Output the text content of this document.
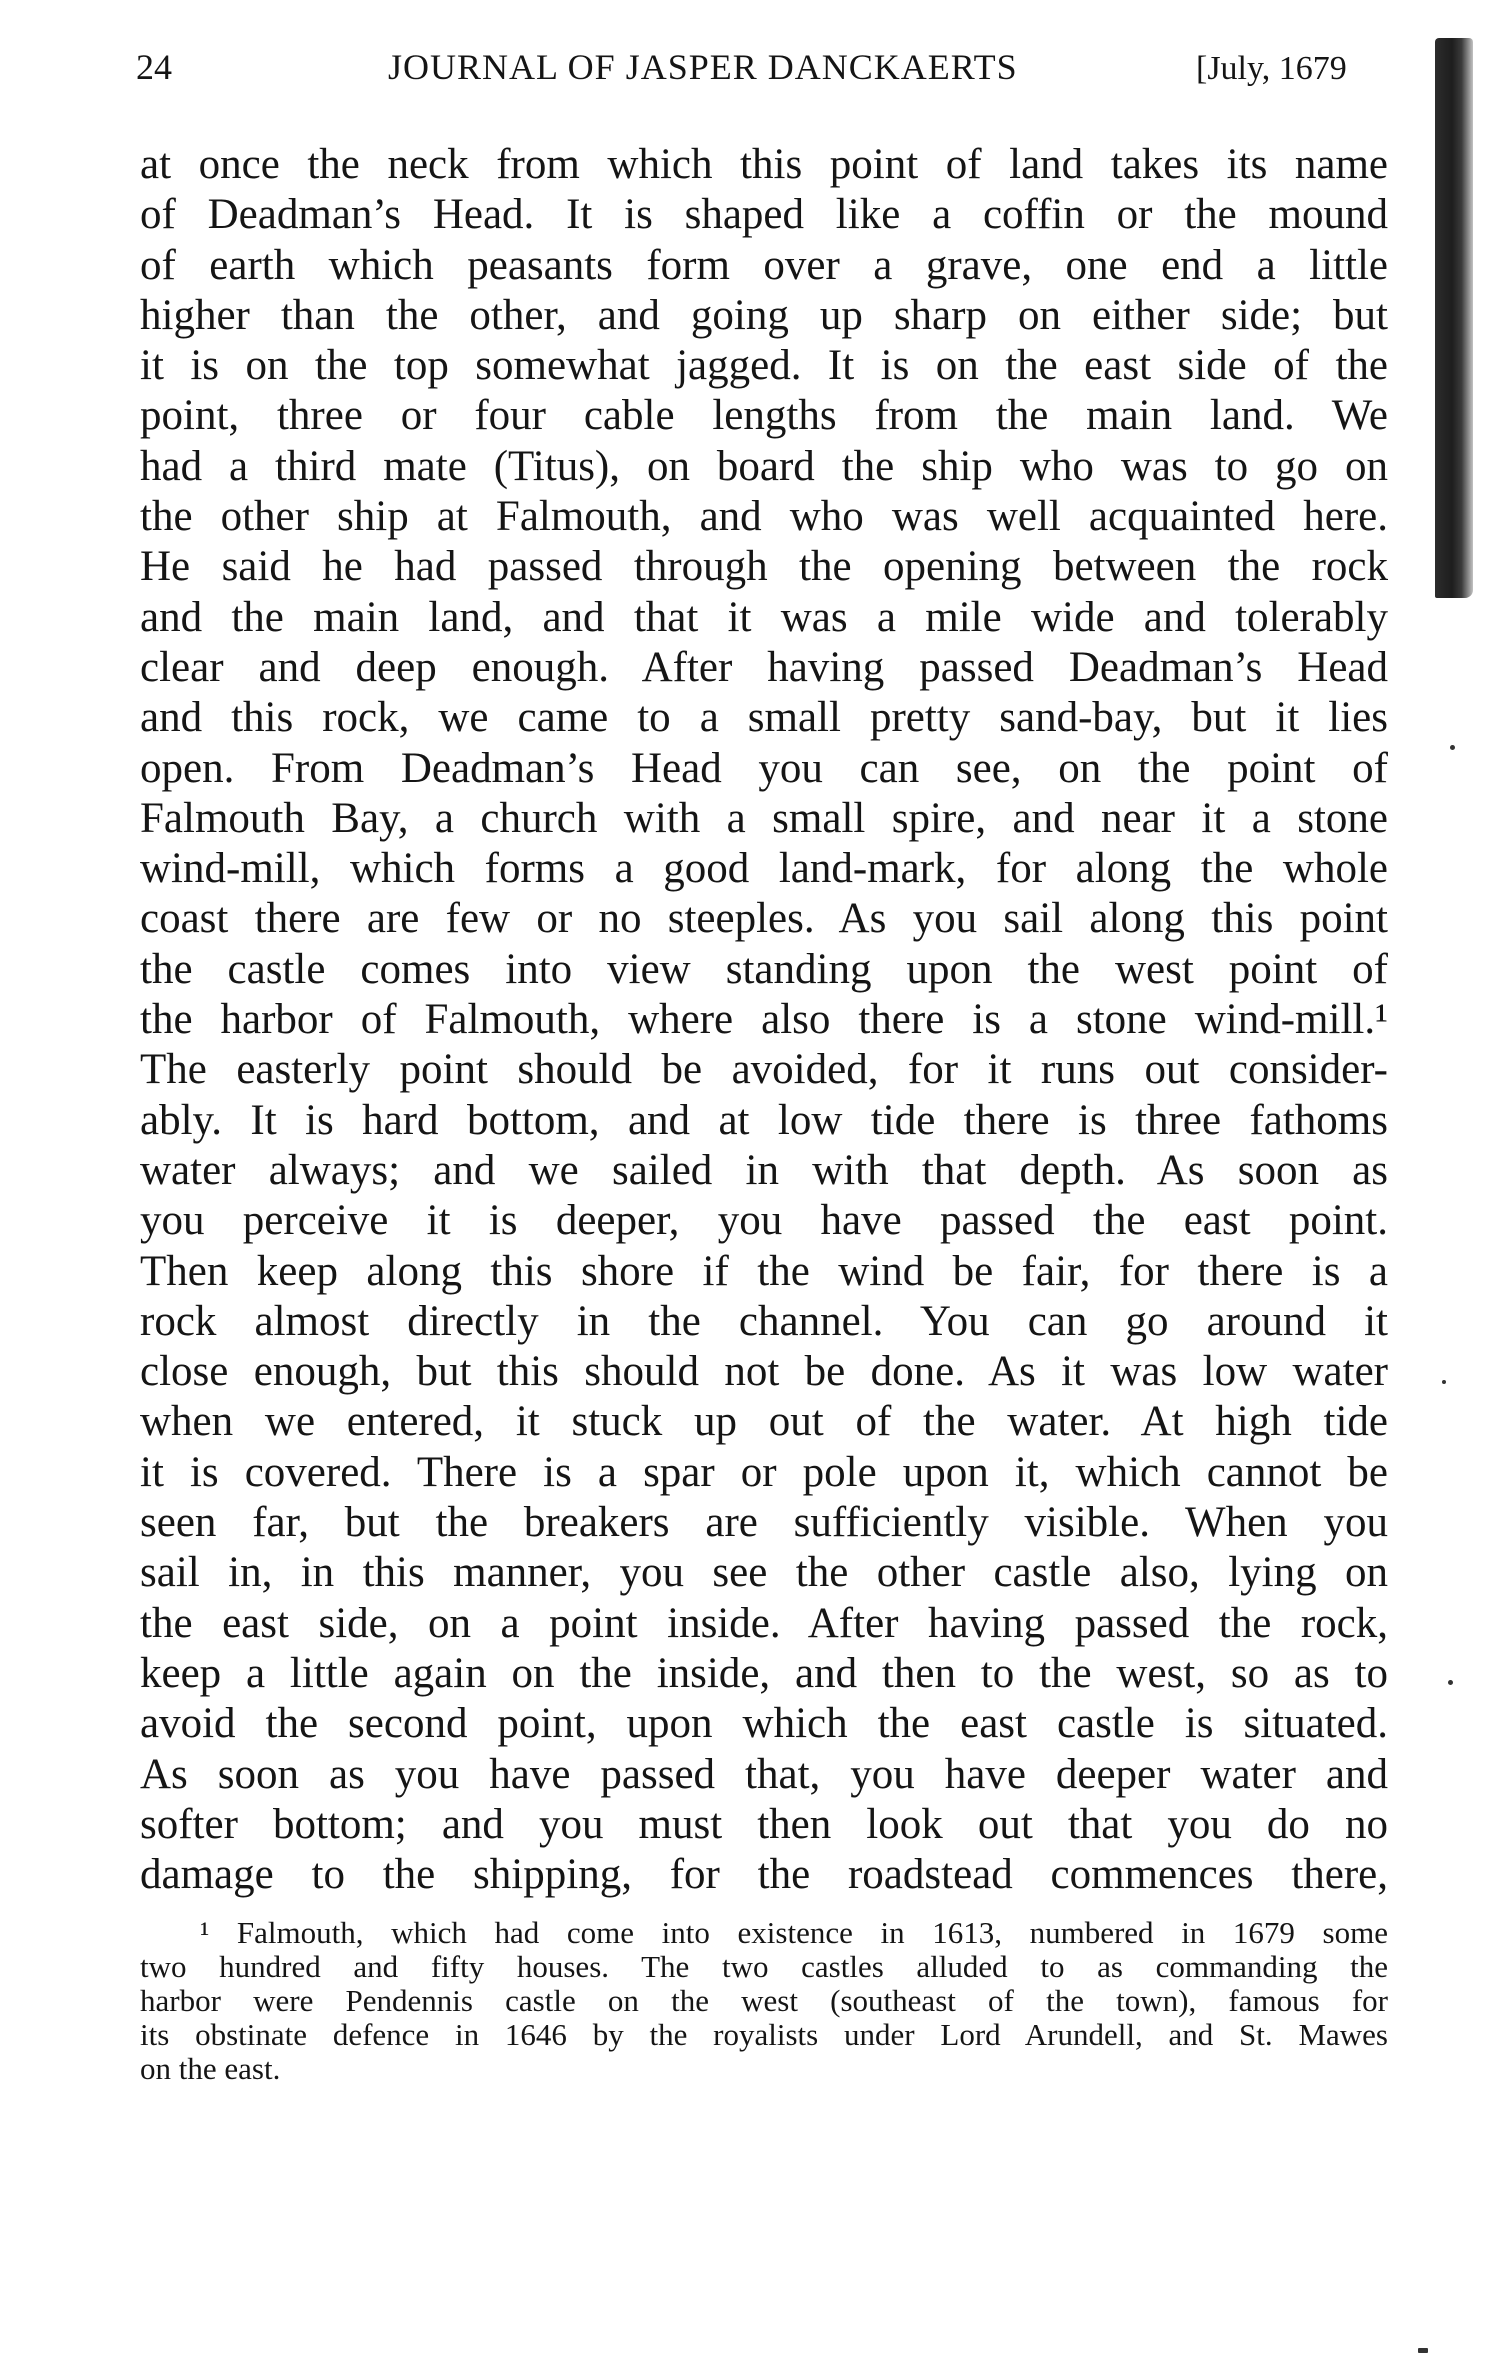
24	JOURNAL OF JASPER DANCKAERTS	[July, 1679
at once the neck from which this point of land takes its name
of Deadman’s Head. It is shaped like a coffin or the mound
of earth which peasants form over a grave, one end a little
higher than the other, and going up sharp on either side; but
it is on the top somewhat jagged. It is on the east side of the
point, three or four cable lengths from the main land. We
had a third mate (Titus), on board the ship who was to go on
the other ship at Falmouth, and who was well acquainted here.
He said he had passed through the opening between the rock
and the main land, and that it was a mile wide and tolerably
clear and deep enough. After having passed Deadman’s Head
and this rock, we came to a small pretty sand-bay, but it lies
open. From Deadman’s Head you can see, on the point of
Falmouth Bay, a church with a small spire, and near it a stone
wind-mill, which forms a good land-mark, for along the whole
coast there are few or no steeples. As you sail along this point
the castle comes into view standing upon the west point of
the harbor of Falmouth, where also there is a stone wind-mill.¹
The easterly point should be avoided, for it runs out consider-
ably. It is hard bottom, and at low tide there is three fathoms
water always; and we sailed in with that depth. As soon as
you perceive it is deeper, you have passed the east point.
Then keep along this shore if the wind be fair, for there is a
rock almost directly in the channel. You can go around it
close enough, but this should not be done. As it was low water
when we entered, it stuck up out of the water. At high tide
it is covered. There is a spar or pole upon it, which cannot be
seen far, but the breakers are sufficiently visible. When you
sail in, in this manner, you see the other castle also, lying on
the east side, on a point inside. After having passed the rock,
keep a little again on the inside, and then to the west, so as to
avoid the second point, upon which the east castle is situated.
As soon as you have passed that, you have deeper water and
softer bottom; and you must then look out that you do no
damage to the shipping, for the roadstead commences there,
¹ Falmouth, which had come into existence in 1613, numbered in 1679 some
two hundred and fifty houses. The two castles alluded to as commanding the
harbor were Pendennis castle on the west (southeast of the town), famous for
its obstinate defence in 1646 by the royalists under Lord Arundell, and St. Mawes
on the east.
